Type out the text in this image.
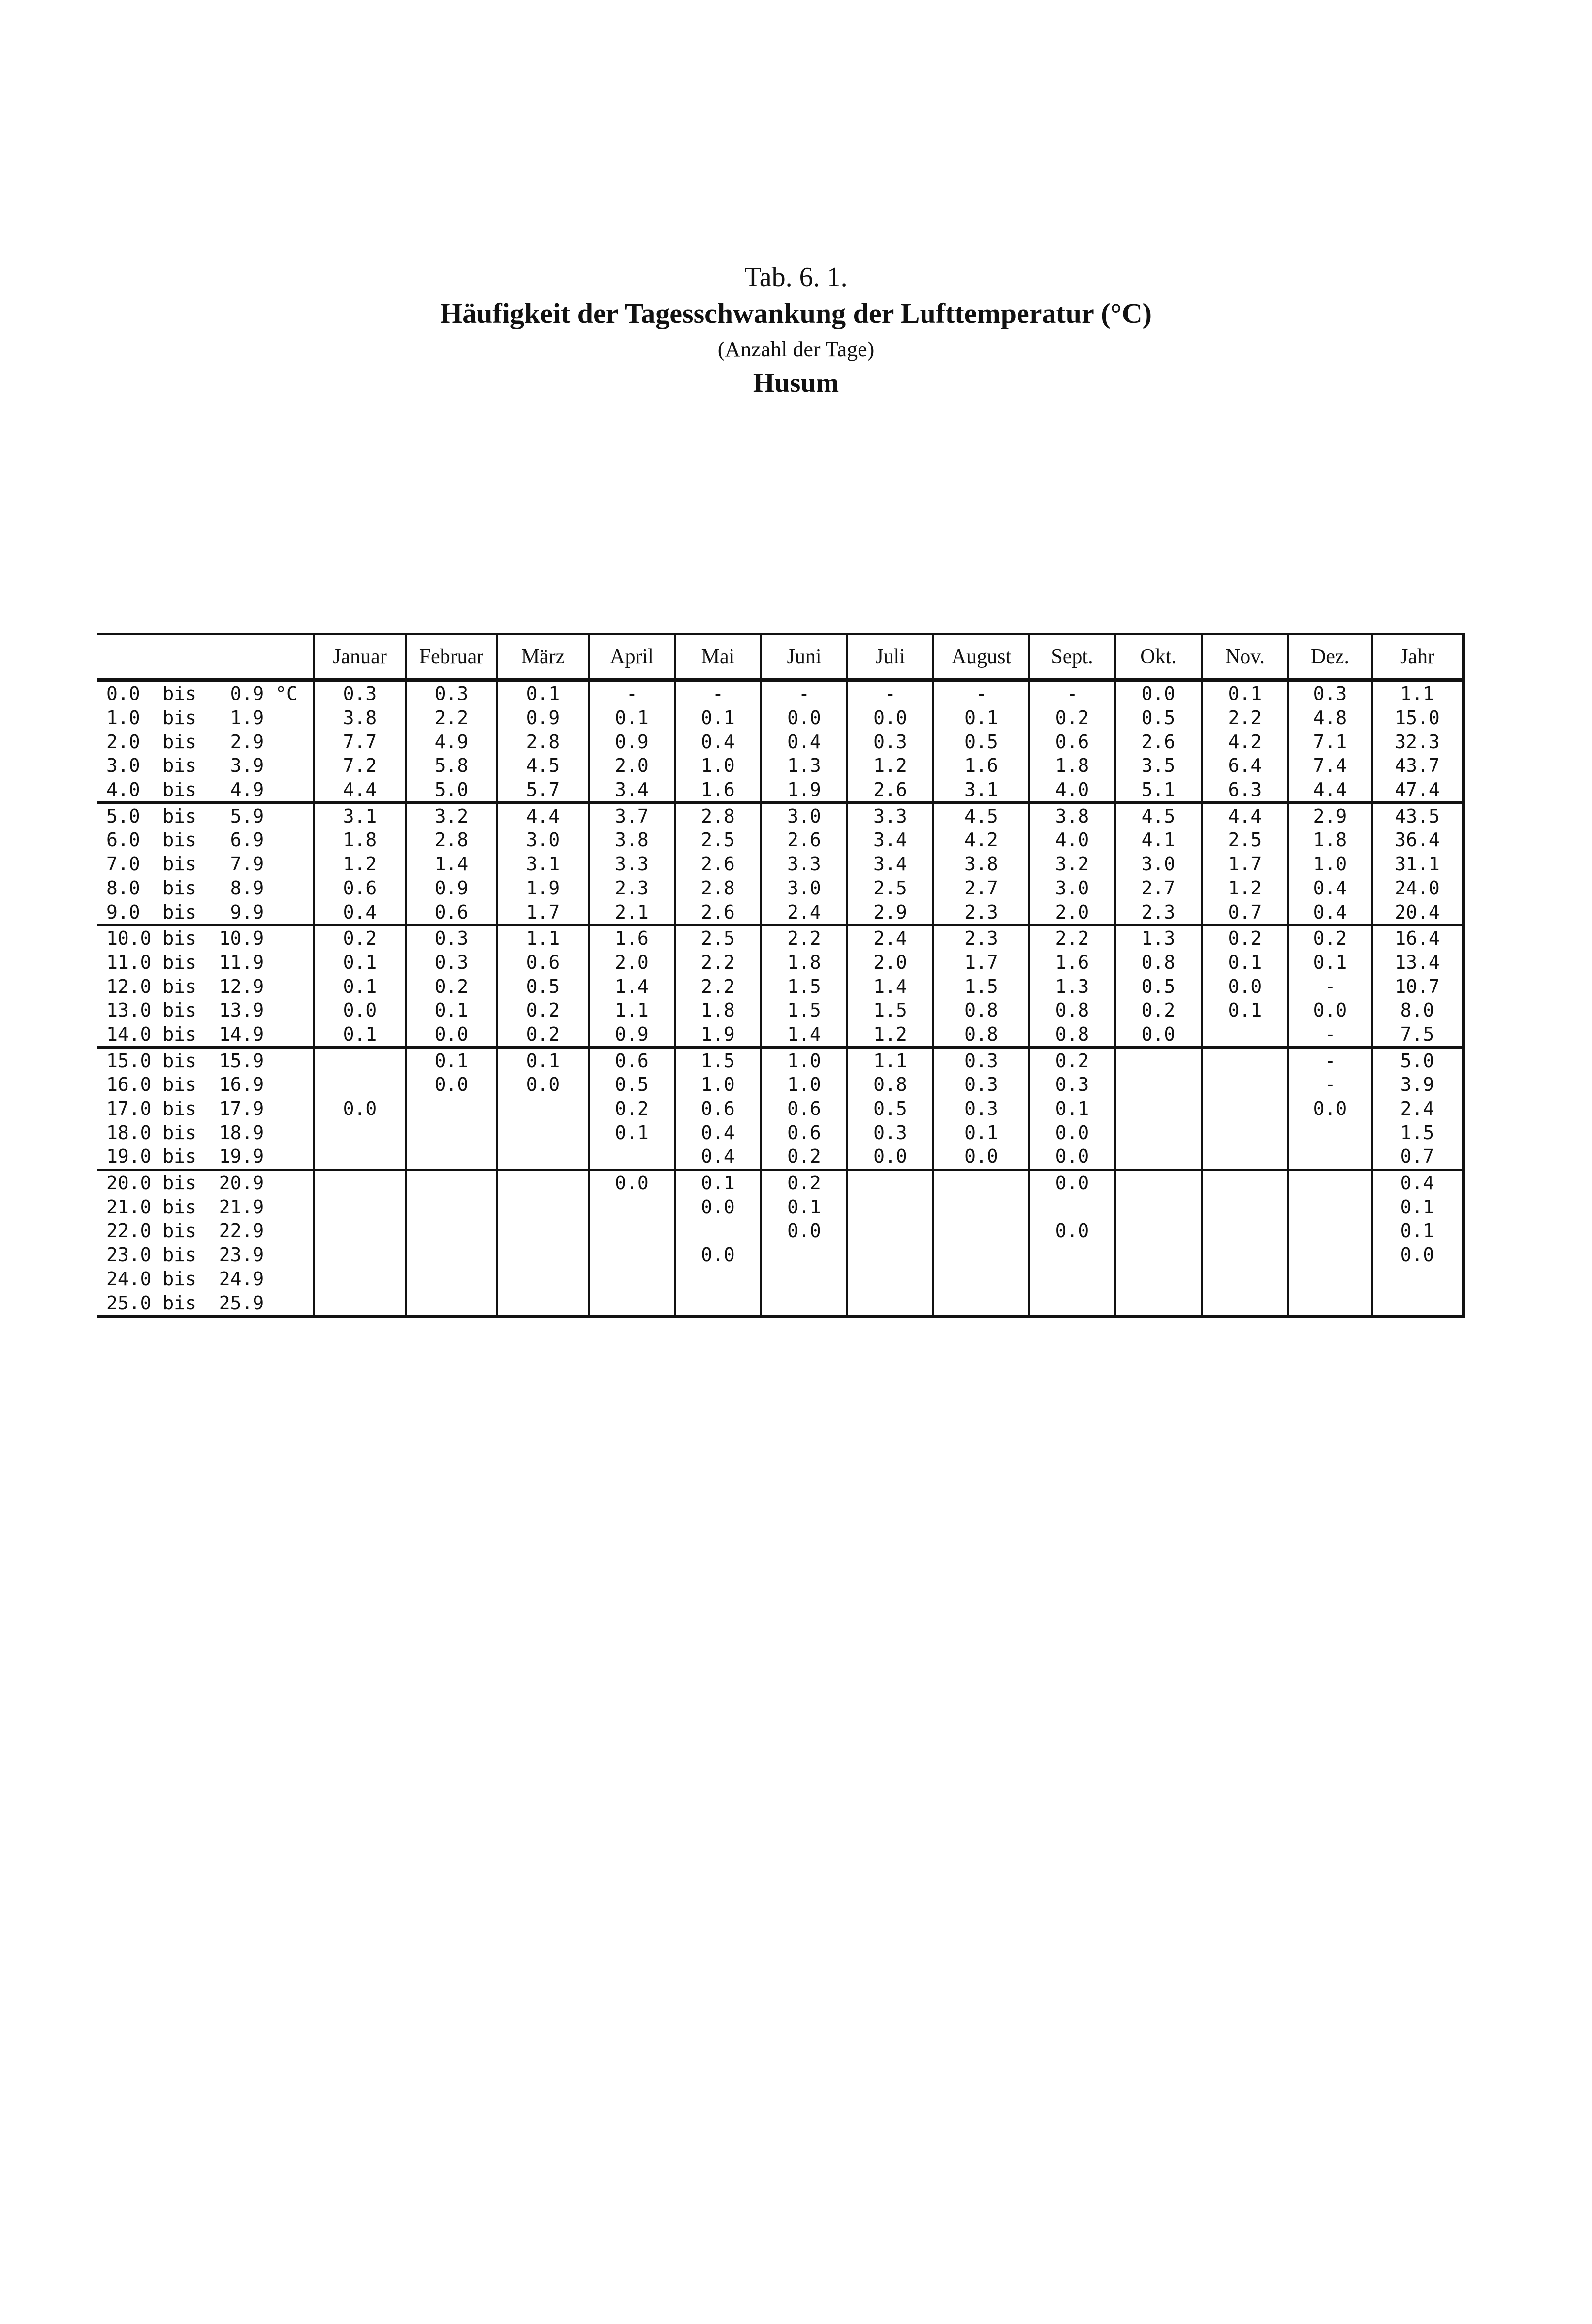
Tab. 6. 1.
Häufigkeit der Tagesschwankung der Lufttemperatur (°C)
(Anzahl der Tage)
Husum
	Januar	Februar	März	April	Mai	Juni	Juli	August	Sept.	Okt.	Nov.	Dez.	Jahr
0.0  bis   0.9 °C	0.3	0.3	0.1	-	-	-	-	-	-	0.0	0.1	0.3	1.1
1.0  bis   1.9	3.8	2.2	0.9	0.1	0.1	0.0	0.0	0.1	0.2	0.5	2.2	4.8	15.0
2.0  bis   2.9	7.7	4.9	2.8	0.9	0.4	0.4	0.3	0.5	0.6	2.6	4.2	7.1	32.3
3.0  bis   3.9	7.2	5.8	4.5	2.0	1.0	1.3	1.2	1.6	1.8	3.5	6.4	7.4	43.7
4.0  bis   4.9	4.4	5.0	5.7	3.4	1.6	1.9	2.6	3.1	4.0	5.1	6.3	4.4	47.4
5.0  bis   5.9	3.1	3.2	4.4	3.7	2.8	3.0	3.3	4.5	3.8	4.5	4.4	2.9	43.5
6.0  bis   6.9	1.8	2.8	3.0	3.8	2.5	2.6	3.4	4.2	4.0	4.1	2.5	1.8	36.4
7.0  bis   7.9	1.2	1.4	3.1	3.3	2.6	3.3	3.4	3.8	3.2	3.0	1.7	1.0	31.1
8.0  bis   8.9	0.6	0.9	1.9	2.3	2.8	3.0	2.5	2.7	3.0	2.7	1.2	0.4	24.0
9.0  bis   9.9	0.4	0.6	1.7	2.1	2.6	2.4	2.9	2.3	2.0	2.3	0.7	0.4	20.4
10.0 bis  10.9	0.2	0.3	1.1	1.6	2.5	2.2	2.4	2.3	2.2	1.3	0.2	0.2	16.4
11.0 bis  11.9	0.1	0.3	0.6	2.0	2.2	1.8	2.0	1.7	1.6	0.8	0.1	0.1	13.4
12.0 bis  12.9	0.1	0.2	0.5	1.4	2.2	1.5	1.4	1.5	1.3	0.5	0.0	-	10.7
13.0 bis  13.9	0.0	0.1	0.2	1.1	1.8	1.5	1.5	0.8	0.8	0.2	0.1	0.0	8.0
14.0 bis  14.9	0.1	0.0	0.2	0.9	1.9	1.4	1.2	0.8	0.8	0.0		-	7.5
15.0 bis  15.9		0.1	0.1	0.6	1.5	1.0	1.1	0.3	0.2			-	5.0
16.0 bis  16.9		0.0	0.0	0.5	1.0	1.0	0.8	0.3	0.3			-	3.9
17.0 bis  17.9	0.0			0.2	0.6	0.6	0.5	0.3	0.1			0.0	2.4
18.0 bis  18.9				0.1	0.4	0.6	0.3	0.1	0.0				1.5
19.0 bis  19.9					0.4	0.2	0.0	0.0	0.0				0.7
20.0 bis  20.9				0.0	0.1	0.2			0.0				0.4
21.0 bis  21.9					0.0	0.1							0.1
22.0 bis  22.9						0.0			0.0				0.1
23.0 bis  23.9					0.0								0.0
24.0 bis  24.9													
25.0 bis  25.9													
